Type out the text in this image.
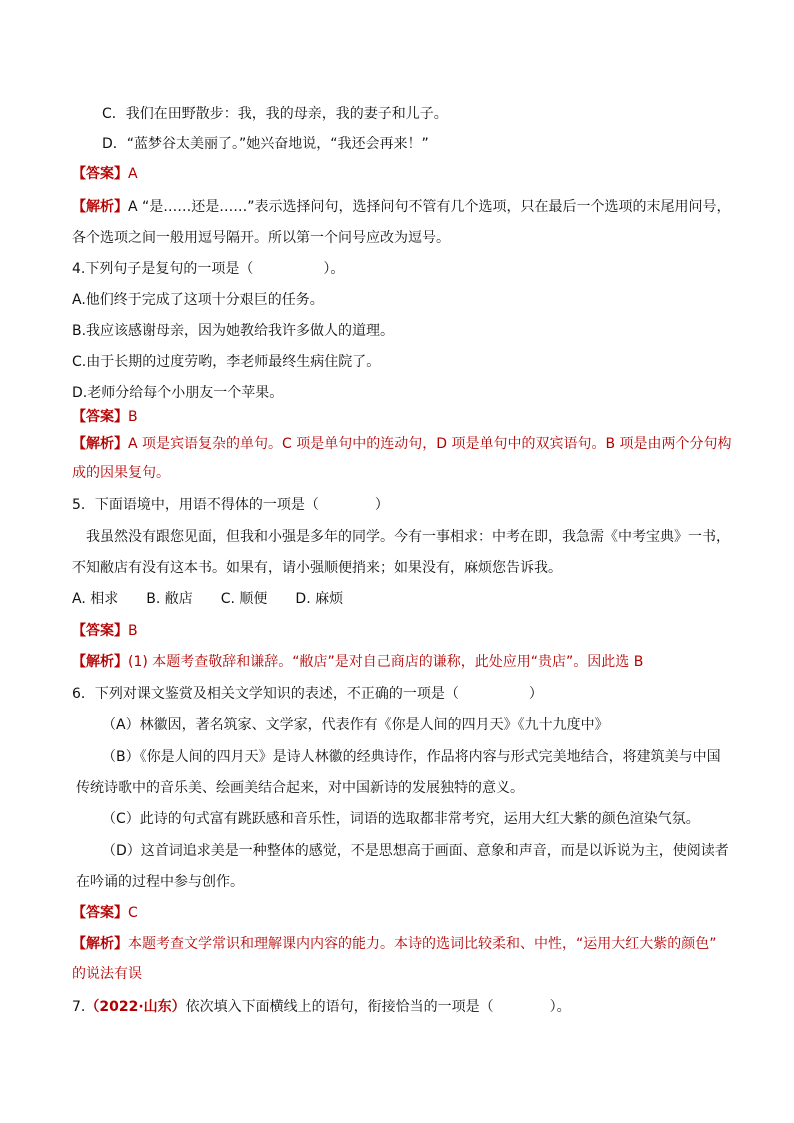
C．我们在田野散步：我，我的母亲，我的妻子和儿子。
D．“蓝梦谷太美丽了。”她兴奋地说，“我还会再来！”
【答案】A
【解析】A “是……还是……”表示选择问句，选择问句不管有几个选项，只在最后一个选项的末尾用问号，
各个选项之间一般用逗号隔开。所以第一个问号应改为逗号。
4.下列句子是复句的一项是（　　　　　）。
A.他们终于完成了这项十分艰巨的任务。
B.我应该感谢母亲，因为她教给我许多做人的道理。
C.由于长期的过度劳哟，李老师最终生病住院了。
D.老师分给每个小朋友一个苹果。
【答案】B
【解析】A 项是宾语复杂的单句。C 项是单句中的连动句，D 项是单句中的双宾语句。B 项是由两个分句构
成的因果复句。
5．下面语境中，用语不得体的一项是（　　　　）
我虽然没有跟您见面，但我和小强是多年的同学。今有一事相求：中考在即，我急需《中考宝典》一书，
不知敝店有没有这本书。如果有，请小强顺便捎来；如果没有，麻烦您告诉我。
A. 相求　　B. 敝店　　C. 顺便　　D. 麻烦
【答案】B
【解析】(1) 本题考查敬辞和谦辞。“敝店”是对自己商店的谦称，此处应用“贵店”。因此选 B
6．下列对课文鉴赏及相关文学知识的表述，不正确的一项是（　　　　　）
（A）林徽因，著名筑家、文学家，代表作有《你是人间的四月天》《九十九度中》
（B）《你是人间的四月天》是诗人林徽的经典诗作，作品将内容与形式完美地结合，将建筑美与中国
传统诗歌中的音乐美、绘画美结合起来，对中国新诗的发展独特的意义。
（C）此诗的句式富有跳跃感和音乐性，词语的选取都非常考究，运用大红大紫的颜色渲染气氛。
（D）这首词追求美是一种整体的感觉，不是思想高于画面、意象和声音，而是以诉说为主，使阅读者
在吟诵的过程中参与创作。
【答案】C
【解析】本题考查文学常识和理解课内内容的能力。本诗的选词比较柔和、中性，“运用大红大紫的颜色”
的说法有误
7.（2022·山东）依次填入下面横线上的语句，衔接恰当的一项是（　　　　）。
